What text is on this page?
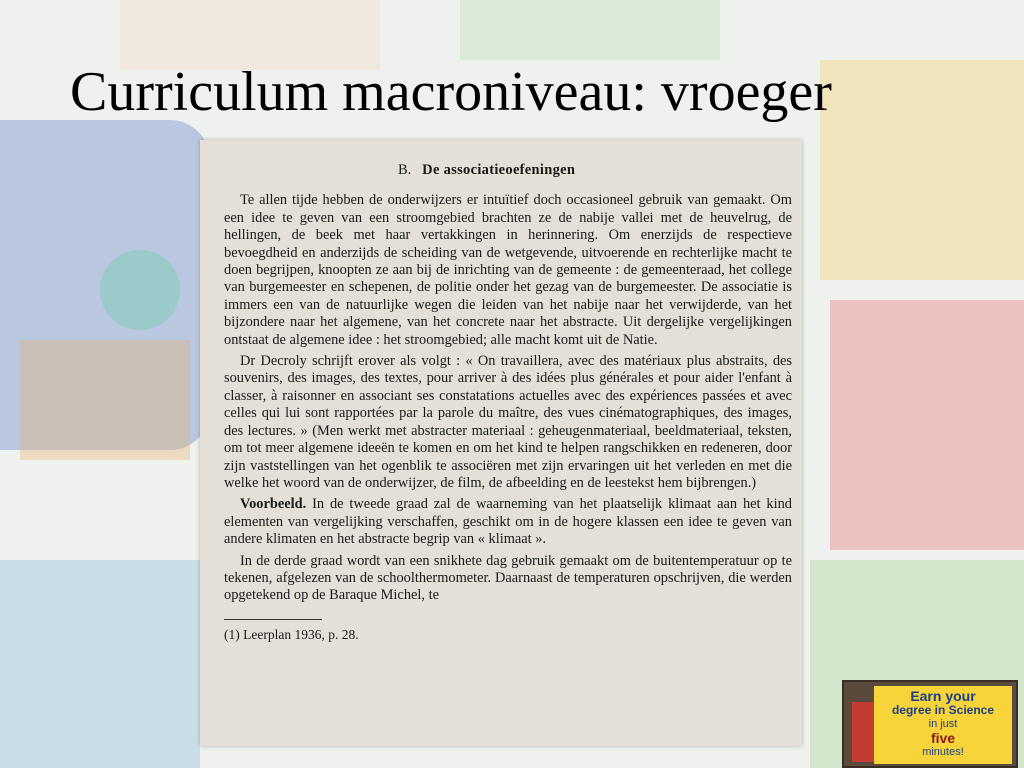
Curriculum macroniveau: vroeger
B. De associatieoefeningen

Te allen tijde hebben de onderwijzers er intuïtief doch occasioneel gebruik van gemaakt. Om een idee te geven van een stroomgebied brachten ze de nabije vallei met de heuvelrug, de hellingen, de beek met haar vertakkingen in herinnering. Om enerzijds de respectieve bevoegdheid en anderzijds de scheiding van de wetgevende, uitvoerende en rechterlijke macht te doen begrijpen, knoopten ze aan bij de inrichting van de gemeente : de gemeenteraad, het college van burgemeester en schepenen, de politie onder het gezag van de burgemeester. De associatie is immers een van de natuurlijke wegen die leiden van het nabije naar het verwijderde, van het bijzondere naar het algemene, van het concrete naar het abstracte. Uit dergelijke vergelijkingen ontstaat de algemene idee : het stroomgebied; alle macht komt uit de Natie.

Dr Decroly schrijft erover als volgt : « On travaillera, avec des matériaux plus abstraits, des souvenirs, des images, des textes, pour arriver à des idées plus générales et pour aider l'enfant à classer, à raisonner en associant ses constatations actuelles avec des expériences passées et avec celles qui lui sont rapportées par la parole du maître, des vues cinématographiques, des images, des lectures. » (Men werkt met abstracter materiaal : geheugenmateriaal, beeldmateriaal, teksten, om tot meer algemene ideeën te komen en om het kind te helpen rangschikken en redeneren, door zijn vaststellingen van het ogenblik te associëren met zijn ervaringen uit het verleden en met die welke het woord van de onderwijzer, de film, de afbeelding en de leestekst hem bijbrengen.)

Voorbeeld. In de tweede graad zal de waarneming van het plaatselijk klimaat aan het kind elementen van vergelijking verschaffen, geschikt om in de hogere klassen een idee te geven van andere klimaten en het abstracte begrip van « klimaat ».

In de derde graad wordt van een snikhete dag gebruik gemaakt om de buitentemperatuur op te tekenen, afgelezen van de schoolthermometer. Daarnaast de temperaturen opschrijven, die werden opgetekend op de Baraque Michel, te

(1) Leerplan 1936, p. 28.

Earn your
degree in Science
in just
five
minutes!
